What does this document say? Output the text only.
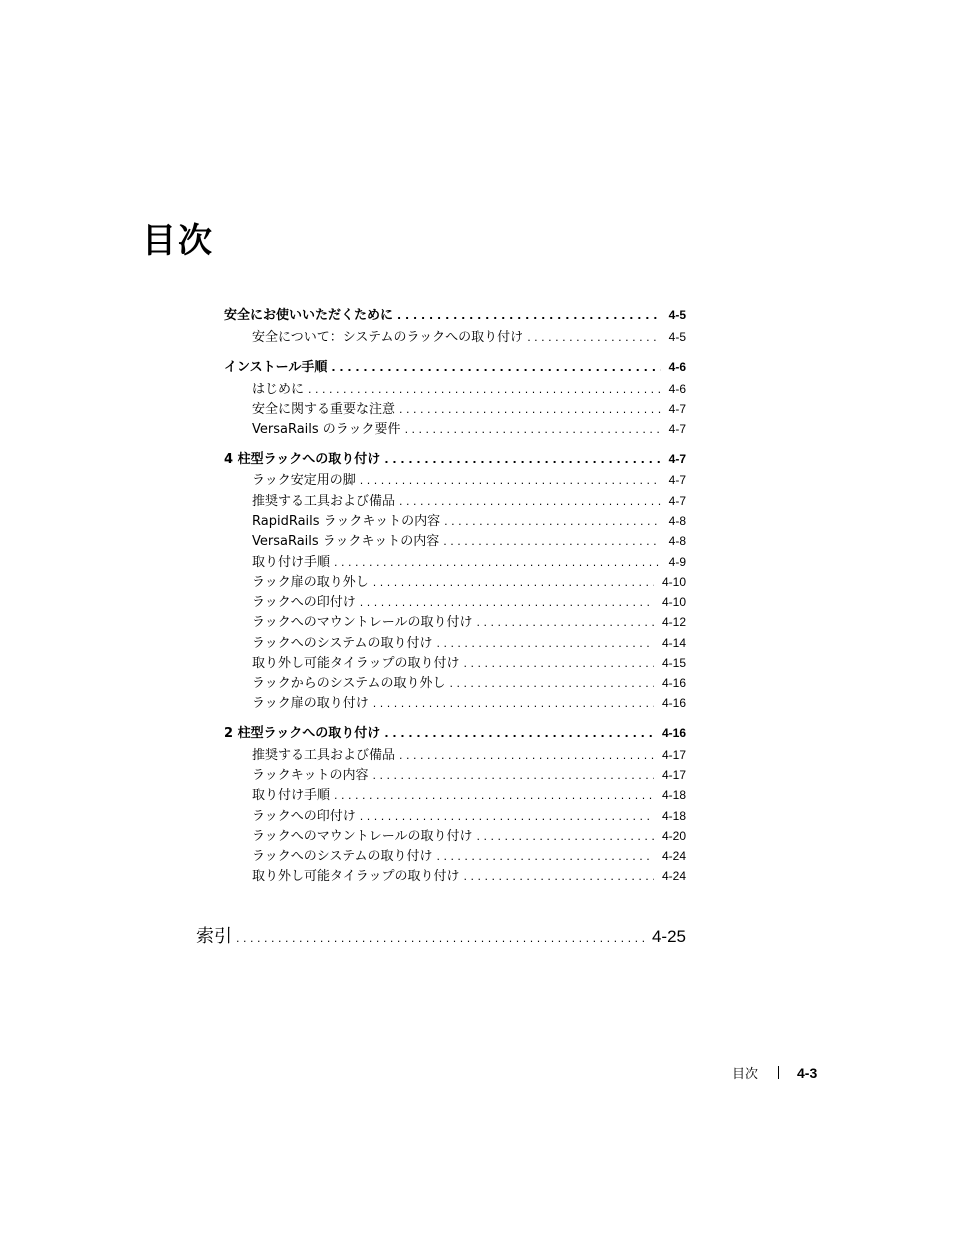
目次
安全にお使いいただくために . . .	4-5
安全について：システムのラックへの取り付け . . .	4-5
インストール手順 . . .	4-6
はじめに . . .	4-6
安全に関する重要な注意 . . .	4-7
VersaRails のラック要件 . . .	4-7
4 柱型ラックへの取り付け . . .	4-7
ラック安定用の脚 . . .	4-7
推奨する工具および備品 . . .	4-7
RapidRails ラックキットの内容 . . .	4-8
VersaRails ラックキットの内容 . . .	4-8
取り付け手順 . . .	4-9
ラック扉の取り外し . . .	4-10
ラックへの印付け . . .	4-10
ラックへのマウントレールの取り付け . . .	4-12
ラックへのシステムの取り付け . . .	4-14
取り外し可能タイラップの取り付け . . .	4-15
ラックからのシステムの取り外し . . .	4-16
ラック扉の取り付け . . .	4-16
2 柱型ラックへの取り付け . . .	4-16
推奨する工具および備品 . . .	4-17
ラックキットの内容 . . .	4-17
取り付け手順 . . .	4-18
ラックへの印付け . . .	4-18
ラックへのマウントレールの取り付け . . .	4-20
ラックへのシステムの取り付け . . .	4-24
取り外し可能タイラップの取り付け . . .	4-24
索引 . . .	4-25
目次	4-3
